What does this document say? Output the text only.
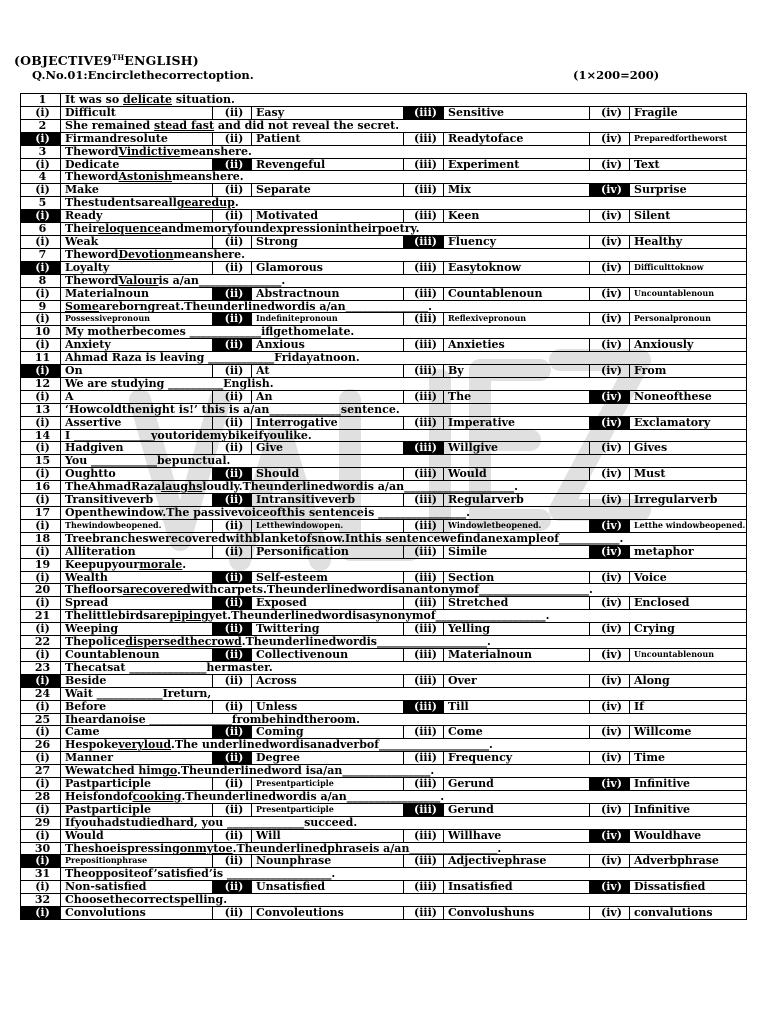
(OBJECTIVE9THENGLISH)
Q.No.01:Encirclethecorrectoption.	(1×200=200)
1	It was so delicate situation.						
(i)	Difficult	(ii)	Easy	(iii)	Sensitive	(iv)	Fragile
2	She remained stead fast and did not reveal the secret.						
(i)	Firmandresolute	(ii)	Patient	(iii)	Readytoface	(iv)	Preparedfortheworst
3	ThewordVindictivemeanshere.						
(i)	Dedicate	(ii)	Revengeful	(iii)	Experiment	(iv)	Text
4	ThewordAstonishmeanshere.						
(i)	Make	(ii)	Separate	(iii)	Mix	(iv)	Surprise
5	Thestudentsareallgearedup.						
(i)	Ready	(ii)	Motivated	(iii)	Keen	(iv)	Silent
6	Theireloquenceandmemoryfoundexpressionintheirpoetry.						
(i)	Weak	(ii)	Strong	(iii)	Fluency	(iv)	Healthy
7	ThewordDevotionmeanshere.						
(i)	Loyalty	(ii)	Glamorous	(iii)	Easytoknow	(iv)	Difficulttoknow
8	ThewordValouris a/an_______________.						
(i)	Materialnoun	(ii)	Abstractnoun	(iii)	Countablenoun	(iv)	Uncountablenoun
9	Someareborngreat.Theunderlinedwordis a/an_______________.						
(i)	Possessivepronoun	(ii)	Indefinitepronoun	(iii)	Reflexivepronoun	(iv)	Personalpronoun
10	My motherbecomes _____________iflgethomelate.						
(i)	Anxiety	(ii)	Anxious	(iii)	Anxieties	(iv)	Anxiously
11	Ahmad Raza is leaving ____________Fridayatnoon.						
(i)	On	(ii)	At	(iii)	By	(iv)	From
12	We are studying __________English.						
(i)	A	(ii)	An	(iii)	The	(iv)	Noneofthese
13	‘Howcoldthenight is!’ this is a/an_____________sentence.						
(i)	Assertive	(ii)	Interrogative	(iii)	Imperative	(iv)	Exclamatory
14	I ______________youtoridemybikeifyoulike.						
(i)	Hadgiven	(ii)	Give	(iii)	Willgive	(iv)	Gives
15	You ____________bepunctual.						
(i)	Oughtto	(ii)	Should	(iii)	Would	(iv)	Must
16	TheAhmadRazalaughsloudly.Theunderlinedwordis a/an____________________.						
(i)	Transitiveverb	(ii)	Intransitiveverb	(iii)	Regularverb	(iv)	Irregularverb
17	Openthewindow.The passivevoiceofthis sentenceis ________________.						
(i)	Thewindowbeopened.	(ii)	Letthewindowopen.	(iii)	Windowletbeopened.	(iv)	Letthe windowbeopened.
18	Treebrancheswerecoveredwithblanketofsnow.Inthis sentencewefindanexampleof___________.						
(i)	Alliteration	(ii)	Personification	(iii)	Simile	(iv)	metaphor
19	Keepupyourmorale.						
(i)	Wealth	(ii)	Self-esteem	(iii)	Section	(iv)	Voice
20	Thefloorsarecoveredwithcarpets.Theunderlinedwordisanantonymof____________________.						
(i)	Spread	(ii)	Exposed	(iii)	Stretched	(iv)	Enclosed
21	Thelittlebirdsarepipingyet.Theunderlinedwordisasynonymof____________________.						
(i)	Weeping	(ii)	Twittering	(iii)	Yelling	(iv)	Crying
22	Thepolicedispersedthecrowd.Theunderlinedwordis____________________.						
(i)	Countablenoun	(ii)	Collectivenoun	(iii)	Materialnoun	(iv)	Uncountablenoun
23	Thecatsat ______________hermaster.						
(i)	Beside	(ii)	Across	(iii)	Over	(iv)	Along
24	Wait ____________Ireturn,						
(i)	Before	(ii)	Unless	(iii)	Till	(iv)	If
25	Iheardanoise _______________frombehindtheroom.						
(i)	Came	(ii)	Coming	(iii)	Come	(iv)	Willcome
26	Hespokeveryloud.The underlinedwordisanadverbof____________________.						
(i)	Manner	(ii)	Degree	(iii)	Frequency	(iv)	Time
27	Wewatched himgo.Theunderlinedword isa/an________________.						
(i)	Pastparticiple	(ii)	Presentparticiple	(iii)	Gerund	(iv)	Infinitive
28	Heisfondofcooking.Theunderlinedwordis a/an_________________.						
(i)	Pastparticiple	(ii)	Presentparticiple	(iii)	Gerund	(iv)	Infinitive
29	Ifyouhadstudiedhard, you ______________succeed.						
(i)	Would	(ii)	Will	(iii)	Willhave	(iv)	Wouldhave
30	Theshoeispressingonmytoe.Theunderlinedphraseis a/an________________.						
(i)	Prepositionphrase	(ii)	Nounphrase	(iii)	Adjectivephrase	(iv)	Adverbphrase
31	Theoppositeof’satisfied’is ___________________.						
(i)	Non-satisfied	(ii)	Unsatisfied	(iii)	Insatisfied	(iv)	Dissatisfied
32	Choosethecorrectspelling.						
(i)	Convolutions	(ii)	Convoleutions	(iii)	Convolushuns	(iv)	convalutions
